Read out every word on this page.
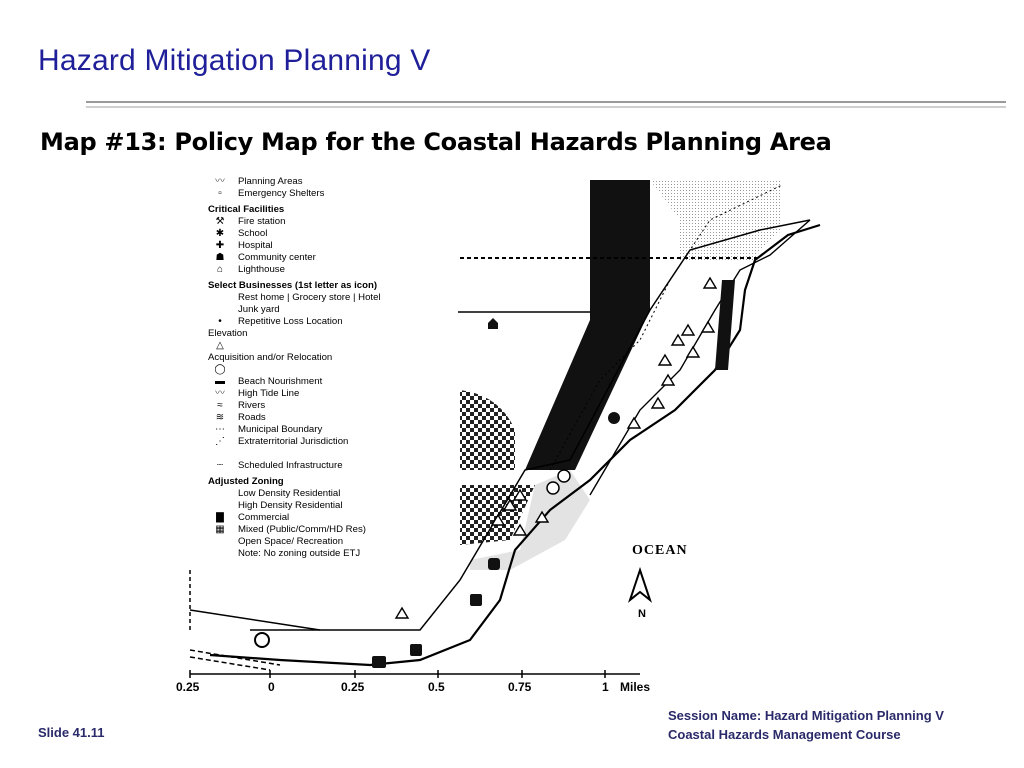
Hazard Mitigation Planning V
Map #13: Policy Map for the Coastal Hazards Planning Area
OCEAN
N
0.25	0	0.25	0.5	0.75	1 Miles
〰	Planning Areas
▫	Emergency Shelters
Critical Facilities
⚒	Fire station
✱	School
✚	Hospital
☗	Community center
⌂	Lighthouse
Select Businesses (1st letter as icon)
Rest home | Grocery store | Hotel
Junk yard
•	Repetitive Loss Location
Elevation
△
Acquisition and/or Relocation
◯
▬	Beach Nourishment
〰	High Tide Line
≈	Rivers
≋	Roads
⋯	Municipal Boundary
⋰	Extraterritorial Jurisdiction
┈	Scheduled Infrastructure
Adjusted Zoning
Low Density Residential
High Density Residential
▇	Commercial
▦	Mixed (Public/Comm/HD Res)
Open Space/ Recreation
Note: No zoning outside ETJ
Slide 41.11
Session Name: Hazard Mitigation Planning V
Coastal Hazards Management Course
